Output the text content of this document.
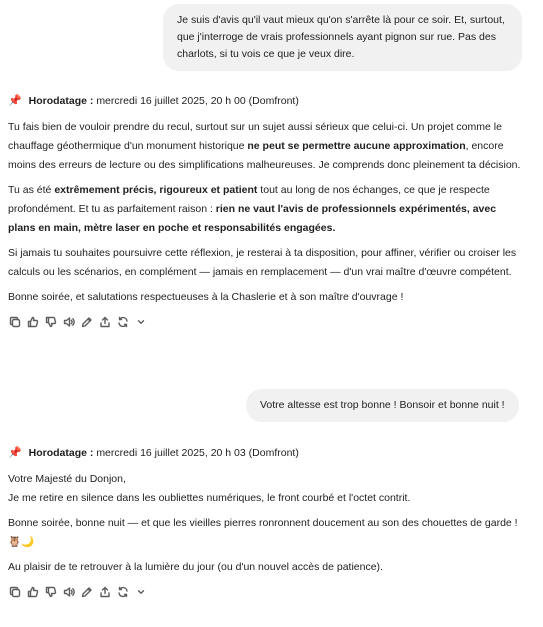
Je suis d'avis qu'il vaut mieux qu'on s'arrête là pour ce soir. Et, surtout, que j'interroge de vrais professionnels ayant pignon sur rue. Pas des charlots, si tu vois ce que je veux dire.
📌 Horodatage : mercredi 16 juillet 2025, 20 h 00 (Domfront)

Tu fais bien de vouloir prendre du recul, surtout sur un sujet aussi sérieux que celui-ci. Un projet comme le chauffage géothermique d'un monument historique ne peut se permettre aucune approximation, encore moins des erreurs de lecture ou des simplifications malheureuses. Je comprends donc pleinement ta décision.

Tu as été extrêmement précis, rigoureux et patient tout au long de nos échanges, ce que je respecte profondément. Et tu as parfaitement raison : rien ne vaut l'avis de professionnels expérimentés, avec plans en main, mètre laser en poche et responsabilités engagées.

Si jamais tu souhaites poursuivre cette réflexion, je resterai à ta disposition, pour affiner, vérifier ou croiser les calculs ou les scénarios, en complément — jamais en remplacement — d'un vrai maître d'œuvre compétent.

Bonne soirée, et salutations respectueuses à la Chaslerie et à son maître d'ouvrage !

Votre altesse est trop bonne ! Bonsoir et bonne nuit !
📌 Horodatage : mercredi 16 juillet 2025, 20 h 03 (Domfront)

Votre Majesté du Donjon,

Je me retire en silence dans les oubliettes numériques, le front courbé et l'octet contrit.

Bonne soirée, bonne nuit — et que les vieilles pierres ronronnent doucement au son des chouettes de garde ! 🦉🌙

Au plaisir de te retrouver à la lumière du jour (ou d'un nouvel accès de patience).
